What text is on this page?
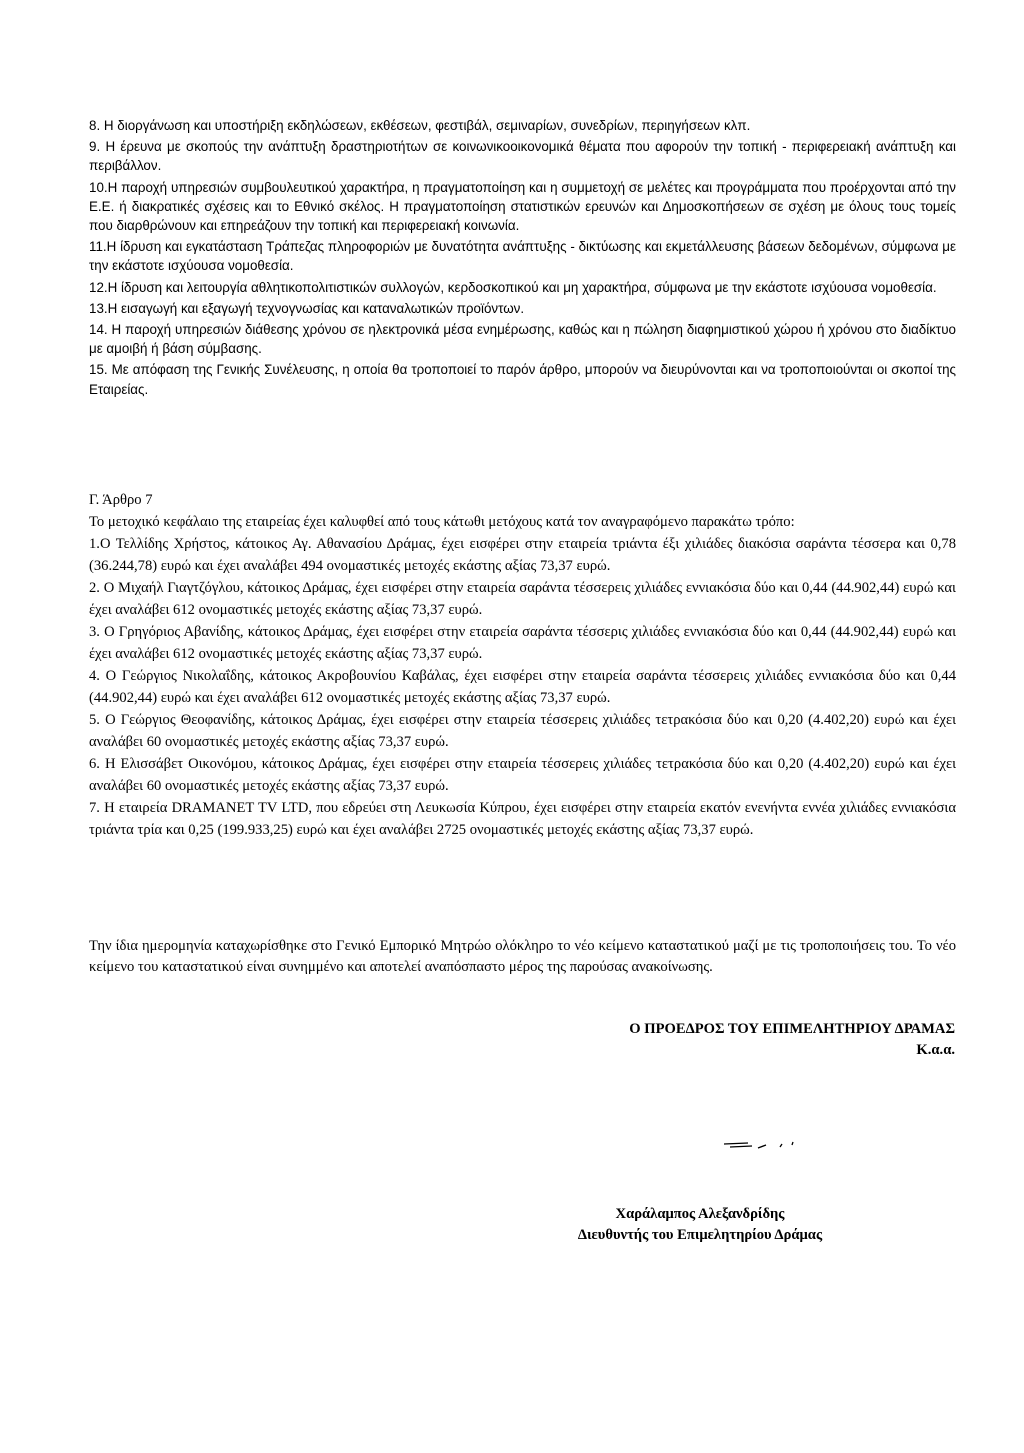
8. Η διοργάνωση και υποστήριξη εκδηλώσεων, εκθέσεων, φεστιβάλ, σεμιναρίων, συνεδρίων, περιηγήσεων κλπ.

9. Η έρευνα με σκοπούς την ανάπτυξη δραστηριοτήτων σε κοινωνικοοικονομικά θέματα που αφορούν την τοπική - περιφερειακή ανάπτυξη και περιβάλλον.

10.Η παροχή υπηρεσιών συμβουλευτικού χαρακτήρα, η πραγματοποίηση και η συμμετοχή σε μελέτες και προγράμματα που προέρχονται από την Ε.Ε. ή διακρατικές σχέσεις και το Εθνικό σκέλος. Η πραγματοποίηση στατιστικών ερευνών και Δημοσκοπήσεων σε σχέση με όλους τους τομείς που διαρθρώνουν και επηρεάζουν την τοπική και περιφερειακή κοινωνία.

11.Η ίδρυση και εγκατάσταση Τράπεζας πληροφοριών με δυνατότητα ανάπτυξης - δικτύωσης και εκμετάλλευσης βάσεων δεδομένων, σύμφωνα με την εκάστοτε ισχύουσα νομοθεσία.

12.Η ίδρυση και λειτουργία αθλητικοπολιτιστικών συλλογών, κερδοσκοπικού και μη χαρακτήρα, σύμφωνα με την εκάστοτε ισχύουσα νομοθεσία.

13.Η εισαγωγή και εξαγωγή τεχνογνωσίας και καταναλωτικών προϊόντων.

14. Η παροχή υπηρεσιών διάθεσης χρόνου σε ηλεκτρονικά μέσα ενημέρωσης, καθώς και η πώληση διαφημιστικού χώρου ή χρόνου στο διαδίκτυο με αμοιβή ή βάση σύμβασης.

15. Με απόφαση της Γενικής Συνέλευσης, η οποία θα τροποποιεί το παρόν άρθρο, μπορούν να διευρύνονται και να τροποποιούνται οι σκοποί της Εταιρείας.

Γ. Άρθρο 7

Το μετοχικό κεφάλαιο της εταιρείας έχει καλυφθεί από τους κάτωθι μετόχους κατά τον αναγραφόμενο παρακάτω τρόπο:

1.Ο Τελλίδης Χρήστος, κάτοικος Αγ. Αθανασίου Δράμας, έχει εισφέρει στην εταιρεία τριάντα έξι χιλιάδες διακόσια σαράντα τέσσερα και 0,78 (36.244,78) ευρώ και έχει αναλάβει 494 ονομαστικές μετοχές εκάστης αξίας 73,37 ευρώ.

2. Ο Μιχαήλ Γιαγτζόγλου, κάτοικος Δράμας, έχει εισφέρει στην εταιρεία σαράντα τέσσερεις χιλιάδες εννιακόσια δύο και 0,44 (44.902,44) ευρώ και έχει αναλάβει 612 ονομαστικές μετοχές εκάστης αξίας 73,37 ευρώ.

3. Ο Γρηγόριος Αβανίδης, κάτοικος Δράμας, έχει εισφέρει στην εταιρεία σαράντα τέσσερις χιλιάδες εννιακόσια δύο και 0,44 (44.902,44) ευρώ και έχει αναλάβει 612 ονομαστικές μετοχές εκάστης αξίας 73,37 ευρώ.

4. Ο Γεώργιος Νικολαΐδης, κάτοικος Ακροβουνίου Καβάλας, έχει εισφέρει στην εταιρεία σαράντα τέσσερεις χιλιάδες εννιακόσια δύο και 0,44 (44.902,44) ευρώ και έχει αναλάβει 612 ονομαστικές μετοχές εκάστης αξίας 73,37 ευρώ.

5. Ο Γεώργιος Θεοφανίδης, κάτοικος Δράμας, έχει εισφέρει στην εταιρεία τέσσερεις χιλιάδες τετρακόσια δύο και 0,20 (4.402,20) ευρώ και έχει αναλάβει 60 ονομαστικές μετοχές εκάστης αξίας 73,37 ευρώ.

6. Η Ελισσάβετ Οικονόμου, κάτοικος Δράμας, έχει εισφέρει στην εταιρεία τέσσερεις χιλιάδες τετρακόσια δύο και 0,20 (4.402,20) ευρώ και έχει αναλάβει 60 ονομαστικές μετοχές εκάστης αξίας 73,37 ευρώ.

7. Η εταιρεία DRAMANET TV LTD, που εδρεύει στη Λευκωσία Κύπρου, έχει εισφέρει στην εταιρεία εκατόν ενενήντα εννέα χιλιάδες εννιακόσια τριάντα τρία και 0,25 (199.933,25) ευρώ και έχει αναλάβει 2725 ονομαστικές μετοχές εκάστης αξίας 73,37 ευρώ.

Την ίδια ημερομηνία καταχωρίσθηκε στο Γενικό Εμπορικό Μητρώο ολόκληρο το νέο κείμενο καταστατικού μαζί με τις τροποποιήσεις του. Το νέο κείμενο του καταστατικού είναι συνημμένο και αποτελεί αναπόσπαστο μέρος της παρούσας ανακοίνωσης.

Ο ΠΡΟΕΔΡΟΣ ΤΟΥ ΕΠΙΜΕΛΗΤΗΡΙΟΥ ΔΡΑΜΑΣ
Κ.α.α.
Χαράλαμπος Αλεξανδρίδης
Διευθυντής του Επιμελητηρίου Δράμας
